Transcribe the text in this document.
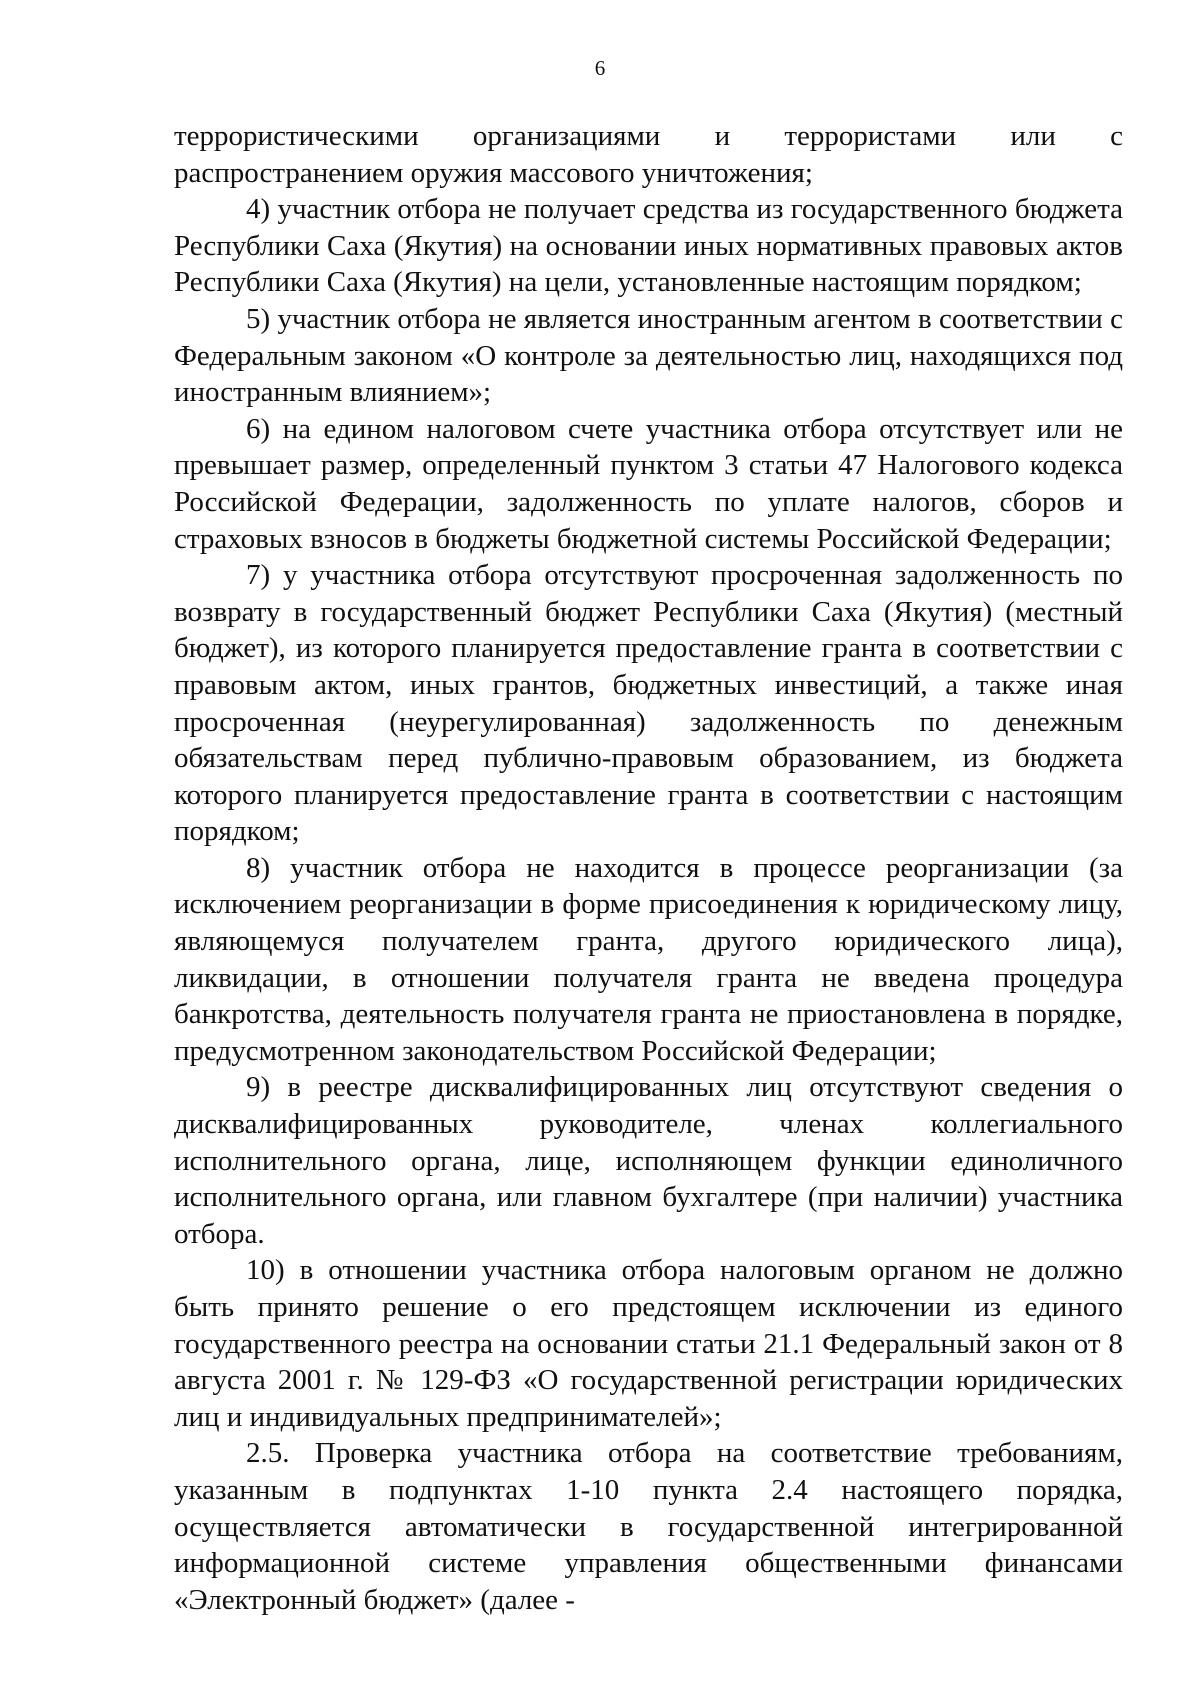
6

террористическими организациями и террористами или с распространением оружия массового уничтожения;

4) участник отбора не получает средства из государственного бюджета Республики Саха (Якутия) на основании иных нормативных правовых актов Республики Саха (Якутия) на цели, установленные настоящим порядком;

5) участник отбора не является иностранным агентом в соответствии с Федеральным законом «О контроле за деятельностью лиц, находящихся под иностранным влиянием»;

6) на едином налоговом счете участника отбора отсутствует или не превышает размер, определенный пунктом 3 статьи 47 Налогового кодекса Российской Федерации, задолженность по уплате налогов, сборов и страховых взносов в бюджеты бюджетной системы Российской Федерации;

7) у участника отбора отсутствуют просроченная задолженность по возврату в государственный бюджет Республики Саха (Якутия) (местный бюджет), из которого планируется предоставление гранта в соответствии с правовым актом, иных грантов, бюджетных инвестиций, а также иная просроченная (неурегулированная) задолженность по денежным обязательствам перед публично-правовым образованием, из бюджета которого планируется предоставление гранта в соответствии с настоящим порядком;

8) участник отбора не находится в процессе реорганизации (за исключением реорганизации в форме присоединения к юридическому лицу, являющемуся получателем гранта, другого юридического лица), ликвидации, в отношении получателя гранта не введена процедура банкротства, деятельность получателя гранта не приостановлена в порядке, предусмотренном законодательством Российской Федерации;

9) в реестре дисквалифицированных лиц отсутствуют сведения о дисквалифицированных руководителе, членах коллегиального исполнительного органа, лице, исполняющем функции единоличного исполнительного органа, или главном бухгалтере (при наличии) участника отбора.

10) в отношении участника отбора налоговым органом не должно быть принято решение о его предстоящем исключении из единого государственного реестра на основании статьи 21.1 Федеральный закон от 8 августа 2001 г. № 129-ФЗ «О государственной регистрации юридических лиц и индивидуальных предпринимателей»;

2.5. Проверка участника отбора на соответствие требованиям, указанным в подпунктах 1-10 пункта 2.4 настоящего порядка, осуществляется автоматически в государственной интегрированной информационной системе управления общественными финансами «Электронный бюджет» (далее -
